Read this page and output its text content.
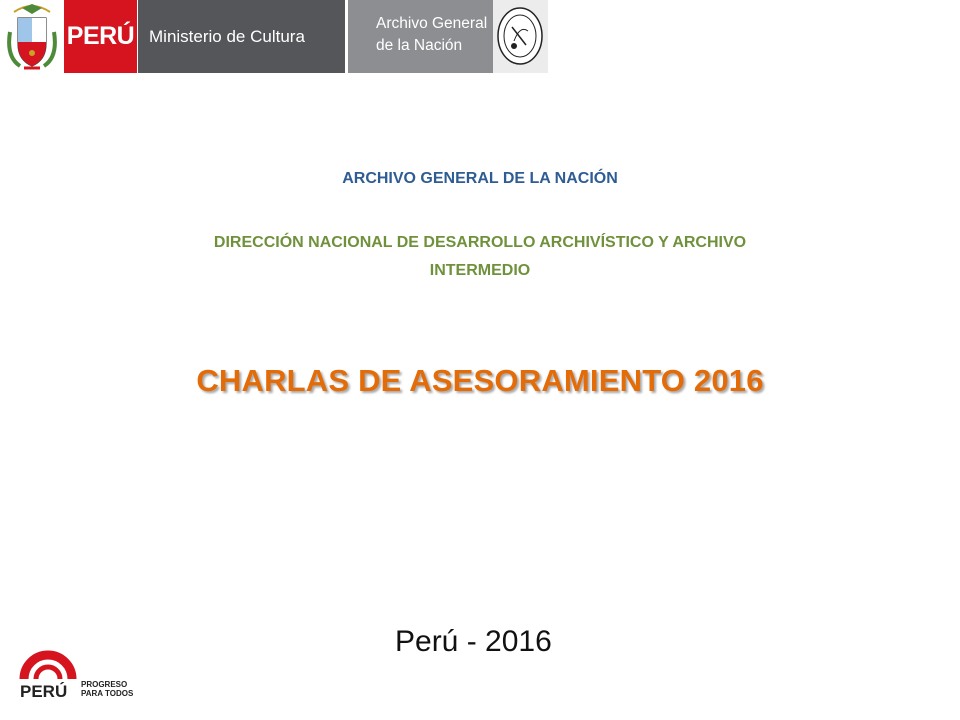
PERÚ Ministerio de Cultura
Archivo General
de la Nación
ARCHIVO GENERAL DE LA NACIÓN
DIRECCIÓN NACIONAL DE DESARROLLO ARCHIVÍSTICO Y ARCHIVO INTERMEDIO
CHARLAS DE ASESORAMIENTO 2016
Perú - 2016
PERÚ PROGRESO
PARA TODOS
